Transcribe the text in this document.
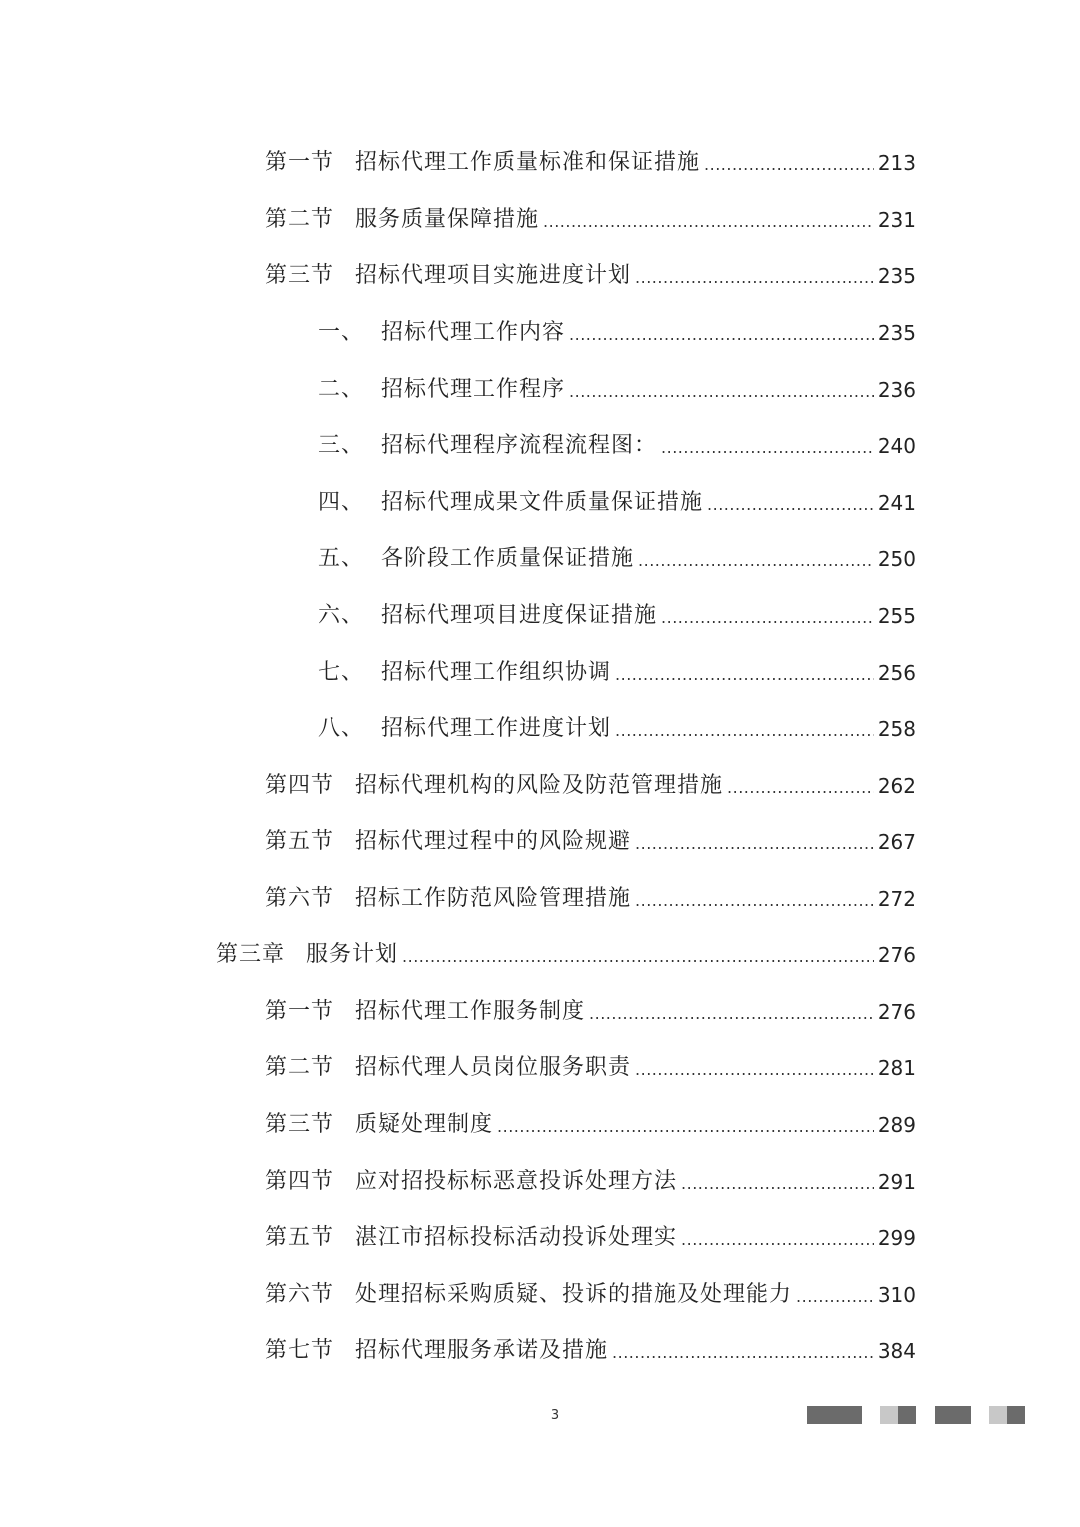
第一节 招标代理工作质量标准和保证措施 .....	213
第二节 服务质量保障措施 .....	231
第三节 招标代理项目实施进度计划 .....	235
一、 招标代理工作内容 .....	235
二、 招标代理工作程序 .....	236
三、 招标代理程序流程流程图： .....	240
四、 招标代理成果文件质量保证措施 .....	241
五、 各阶段工作质量保证措施 .....	250
六、 招标代理项目进度保证措施 .....	255
七、 招标代理工作组织协调 .....	256
八、 招标代理工作进度计划 .....	258
第四节 招标代理机构的风险及防范管理措施 .....	262
第五节 招标代理过程中的风险规避 .....	267
第六节 招标工作防范风险管理措施 .....	272
第三章 服务计划 .....	276
第一节 招标代理工作服务制度 .....	276
第二节 招标代理人员岗位服务职责 .....	281
第三节 质疑处理制度 .....	289
第四节 应对招投标标恶意投诉处理方法 .....	291
第五节 湛江市招标投标活动投诉处理实 .....	299
第六节 处理招标采购质疑、投诉的措施及处理能力 .....	310
第七节 招标代理服务承诺及措施 .....	384
3
